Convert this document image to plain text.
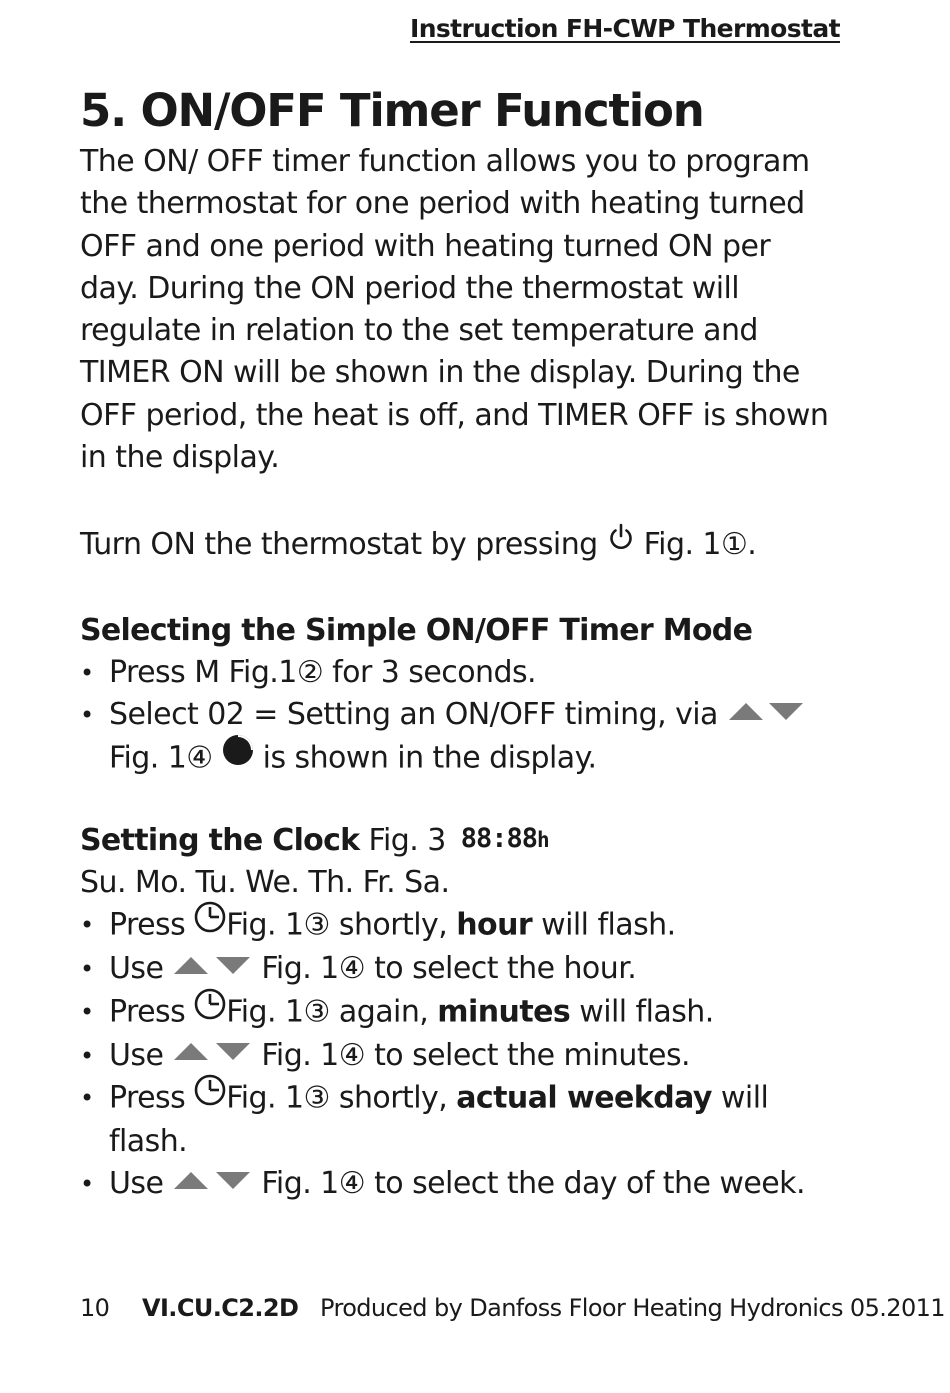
Instruction FH-CWP Thermostat
5. ON/OFF Timer Function
The ON/ OFF timer function allows you to program
the thermostat for one period with heating turned
OFF and one period with heating turned ON per
day. During the ON period the thermostat will
regulate in relation to the set temperature and
TIMER ON will be shown in the display. During the
OFF period, the heat is off, and TIMER OFF is shown
in the display.
Turn ON the thermostat by pressing Fig. 1①.
Selecting the Simple ON/OFF Timer Mode
• Press M Fig.1② for 3 seconds.
• Select 02 = Setting an ON/OFF timing, via
Fig. 1④ is shown in the display.
Setting the Clock Fig. 3 88:88h
Su. Mo. Tu. We. Th. Fr. Sa.
• Press Fig. 1③ shortly, hour will flash.
• Use	Fig. 1④ to select the hour.
• Press Fig. 1③ again, minutes will flash.
• Use	Fig. 1④ to select the minutes.
• Press Fig. 1③ shortly, actual weekday will
flash.
• Use	Fig. 1④ to select the day of the week.
10 VI.CU.C2.2D Produced by Danfoss Floor Heating Hydronics 05.2011
